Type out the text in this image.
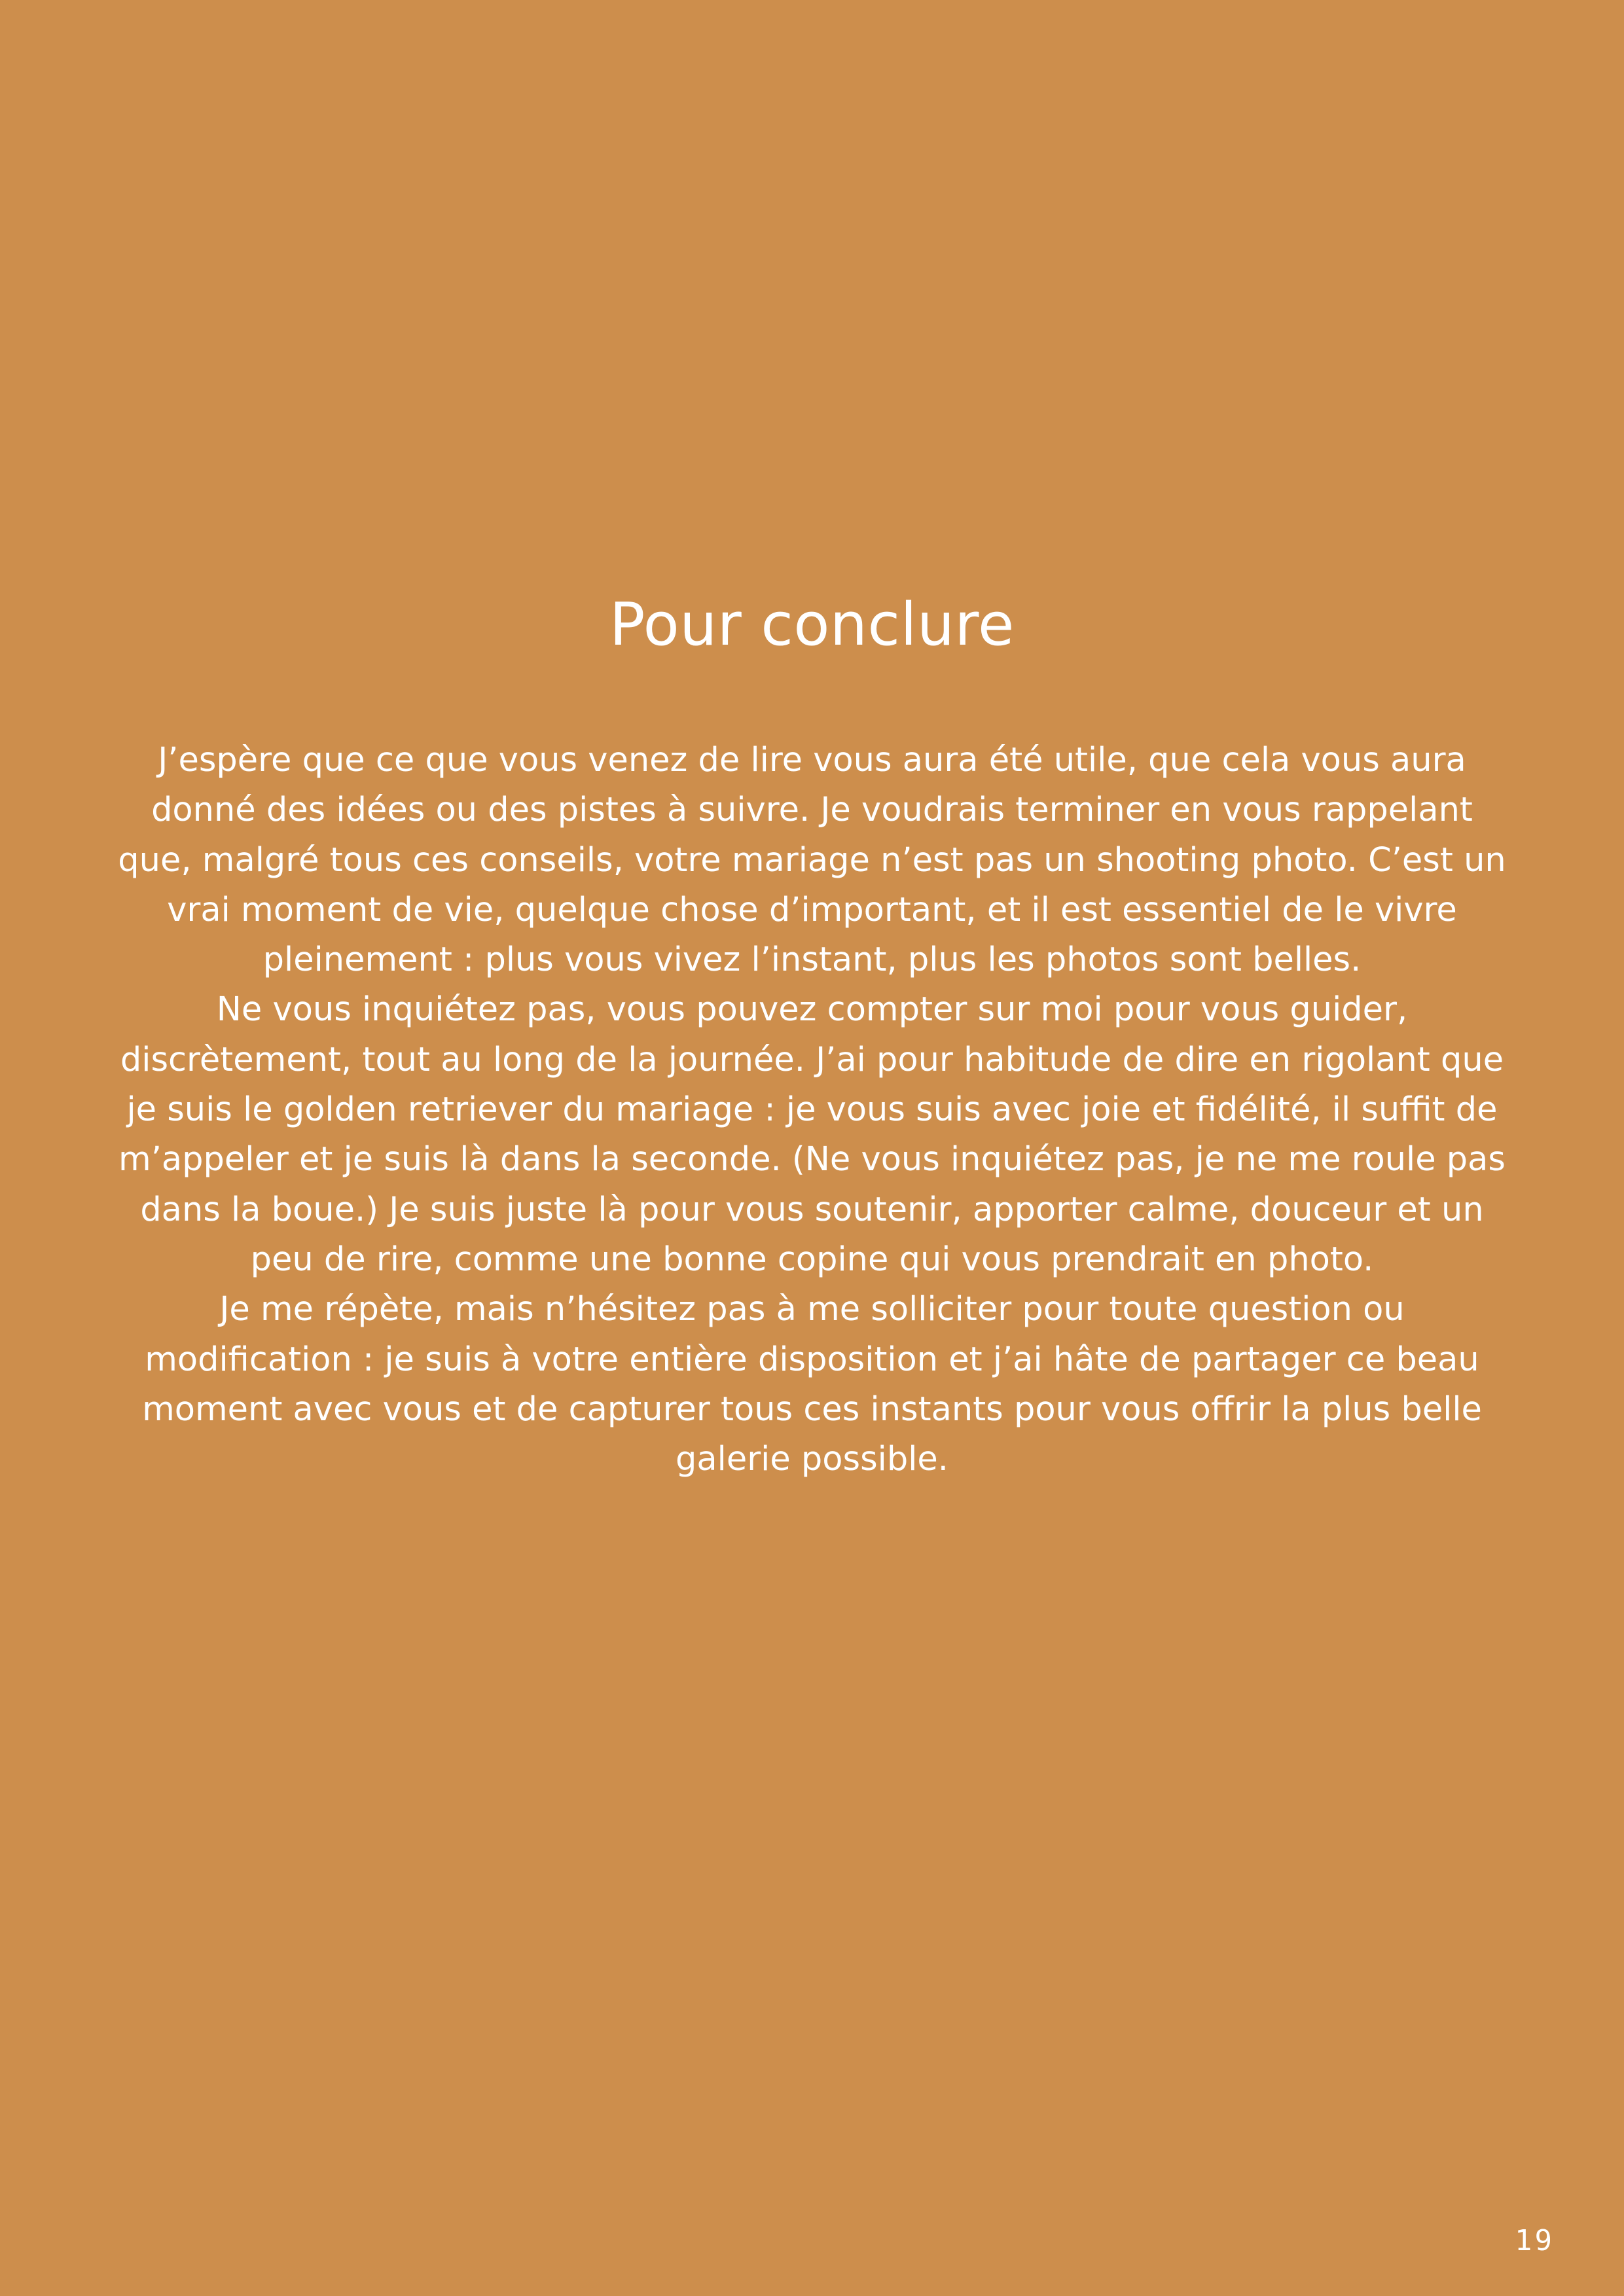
Pour conclure

J’espère que ce que vous venez de lire vous aura été utile, que cela vous aura donné des idées ou des pistes à suivre. Je voudrais terminer en vous rappelant que, malgré tous ces conseils, votre mariage n’est pas un shooting photo. C’est un vrai moment de vie, quelque chose d’important, et il est essentiel de le vivre pleinement : plus vous vivez l’instant, plus les photos sont belles.

Ne vous inquiétez pas, vous pouvez compter sur moi pour vous guider, discrètement, tout au long de la journée. J’ai pour habitude de dire en rigolant que je suis le golden retriever du mariage : je vous suis avec joie et fidélité, il suffit de m’appeler et je suis là dans la seconde. (Ne vous inquiétez pas, je ne me roule pas dans la boue.) Je suis juste là pour vous soutenir, apporter calme, douceur et un peu de rire, comme une bonne copine qui vous prendrait en photo.

Je me répète, mais n’hésitez pas à me solliciter pour toute question ou modification : je suis à votre entière disposition et j’ai hâte de partager ce beau moment avec vous et de capturer tous ces instants pour vous offrir la plus belle galerie possible.

19
